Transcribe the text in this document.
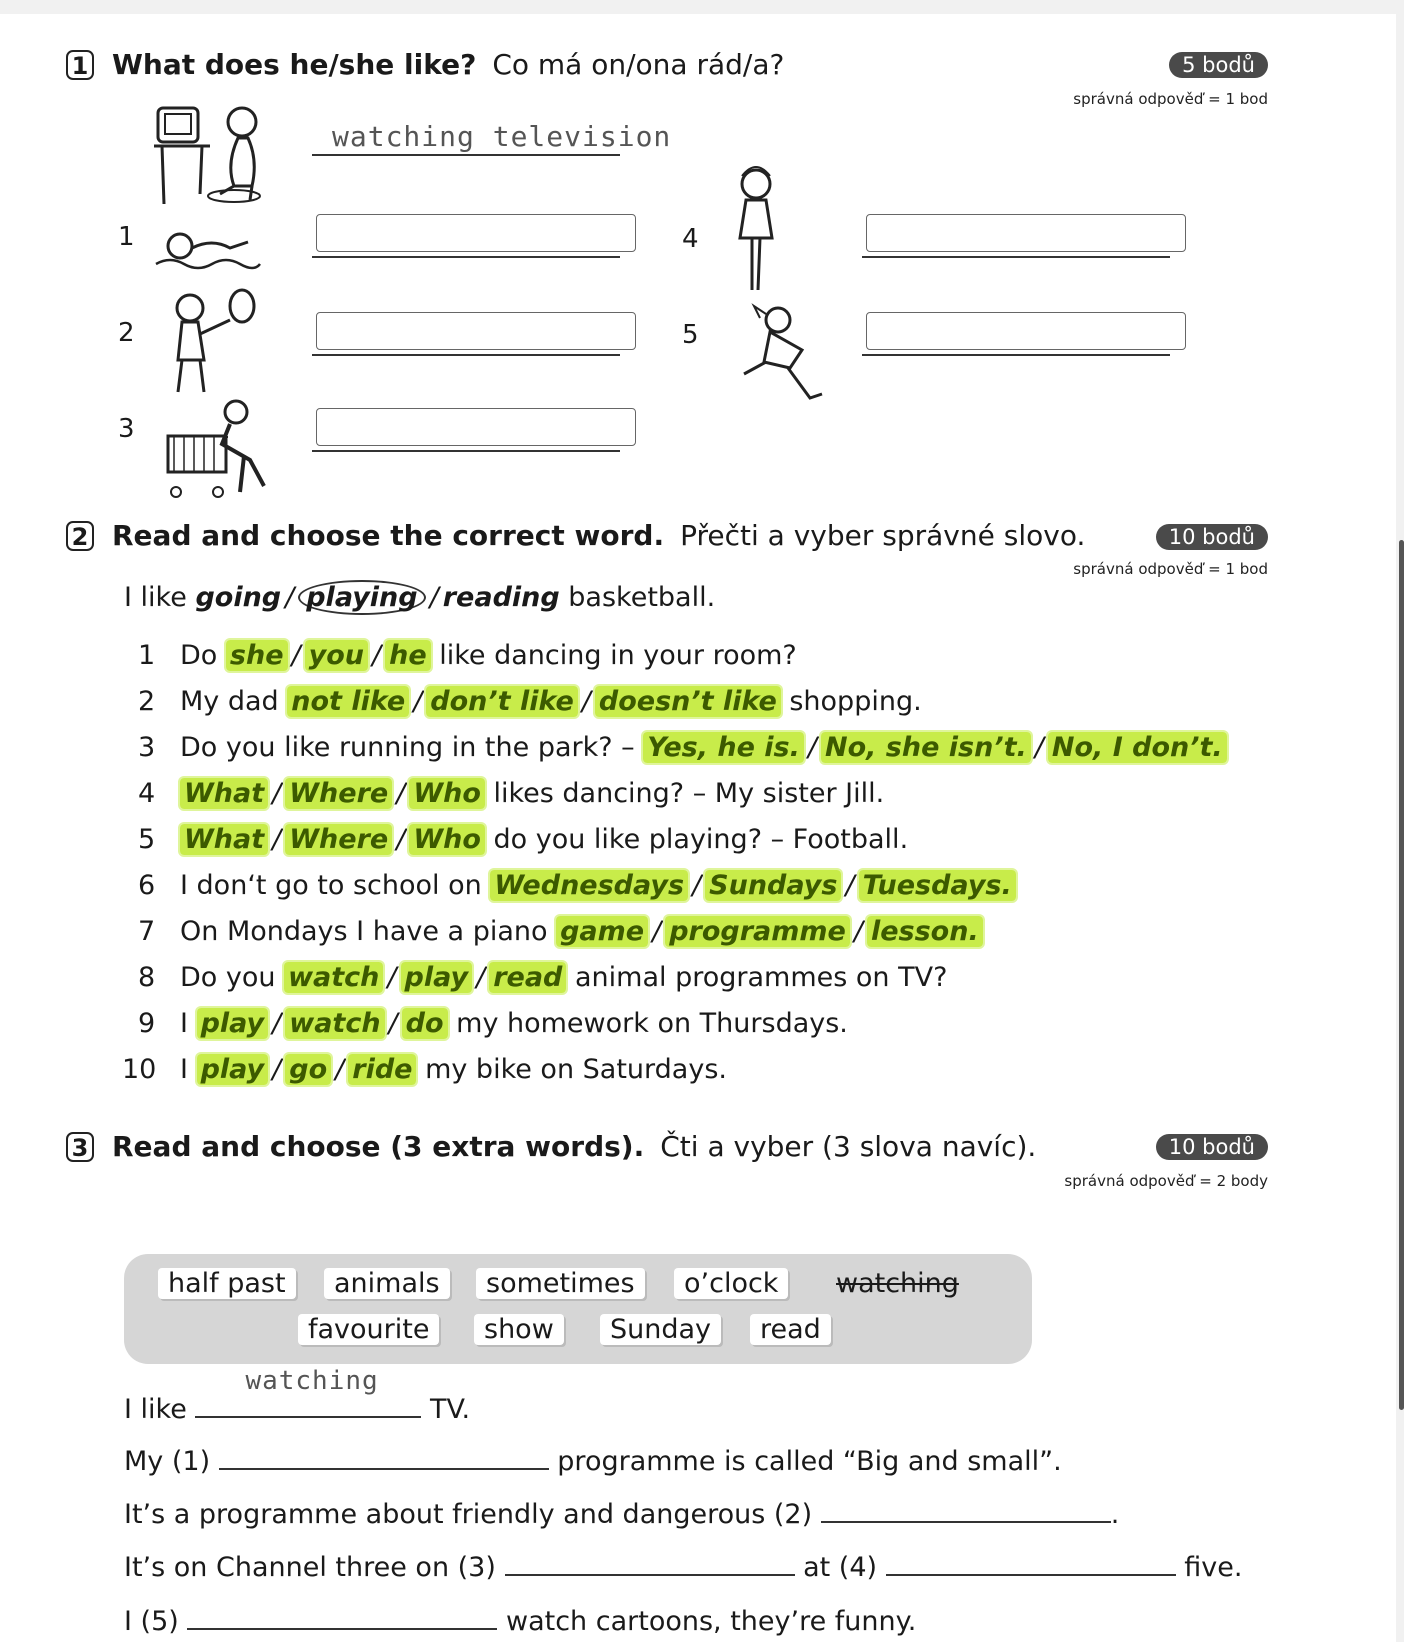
1 What does he/she like? Co má on/ona rád/a?	5 bodů
správná odpověď = 1 bod
watching television
1
2
3
4
5
2 Read and choose the correct word. Přečti a vyber správné slovo.	10 bodů
správná odpověď = 1 bod
I like going / playing / reading basketball.
1 Do she / you / he like dancing in your room?
2 My dad not like / don’t like / doesn’t like shopping.
3 Do you like running in the park? – Yes, he is. / No, she isn’t. / No, I don’t.
4 What / Where / Who likes dancing? – My sister Jill.
5 What / Where / Who do you like playing? – Football.
6 I don‘t go to school on Wednesdays / Sundays / Tuesdays.
7 On Mondays I have a piano game / programme / lesson.
8 Do you watch / play / read animal programmes on TV?
9 I play / watch / do my homework on Thursdays.
10 I play / go / ride my bike on Saturdays.
3 Read and choose (3 extra words). Čti a vyber (3 slova navíc).	10 bodů
správná odpověď = 2 body
half past	animals	sometimes	o’clock	watching
favourite	show	Sunday	read
I like
watching
TV.
My (1)	programme is called “Big and small”.
It’s a programme about friendly and dangerous (2)	.
It’s on Channel three on (3)	at (4)	five.
I (5)	watch cartoons, they’re funny.
